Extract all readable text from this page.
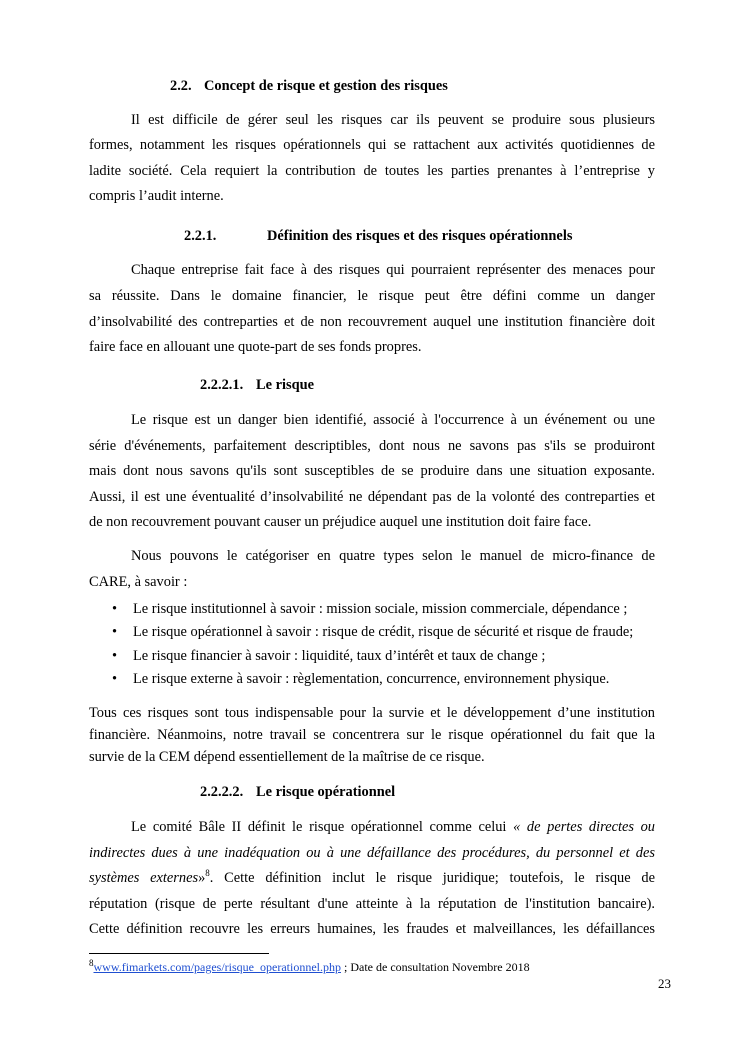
2.2. Concept de risque et gestion des risques
Il est difficile de gérer seul les risques car ils peuvent se produire sous plusieurs
formes, notamment les risques opérationnels qui se rattachent aux activités quotidiennes de
ladite société. Cela requiert la contribution de toutes les parties prenantes à l’entreprise y
compris l’audit interne.
2.2.1.	Définition des risques et des risques opérationnels
Chaque entreprise fait face à des risques qui pourraient représenter des menaces pour
sa réussite. Dans le domaine financier, le risque peut être défini comme un danger
d’insolvabilité des contreparties et de non recouvrement auquel une institution financière doit
faire face en allouant une quote-part de ses fonds propres.
2.2.2.1. Le risque
Le risque est un danger bien identifié, associé à l'occurrence à un événement ou une
série d'événements, parfaitement descriptibles, dont nous ne savons pas s'ils se produiront
mais dont nous savons qu'ils sont susceptibles de se produire dans une situation exposante.
Aussi, il est une éventualité d’insolvabilité ne dépendant pas de la volonté des contreparties et
de non recouvrement pouvant causer un préjudice auquel une institution doit faire face.
Nous pouvons le catégoriser en quatre types selon le manuel de micro-finance de
CARE, à savoir :
• Le risque institutionnel à savoir : mission sociale, mission commerciale, dépendance ;
• Le risque opérationnel à savoir : risque de crédit, risque de sécurité et risque de fraude;
• Le risque financier à savoir : liquidité, taux d’intérêt et taux de change ;
• Le risque externe à savoir : règlementation, concurrence, environnement physique.
Tous ces risques sont tous indispensable pour la survie et le développement d’une institution
financière. Néanmoins, notre travail se concentrera sur le risque opérationnel du fait que la
survie de la CEM dépend essentiellement de la maîtrise de ce risque.
2.2.2.2. Le risque opérationnel
Le comité Bâle II définit le risque opérationnel comme celui « de pertes directes ou
indirectes dues à une inadéquation ou à une défaillance des procédures, du personnel et des
systèmes externes»$^8$. Cette définition inclut le risque juridique; toutefois, le risque de
réputation (risque de perte résultant d'une atteinte à la réputation de l'institution bancaire).
Cette définition recouvre les erreurs humaines, les fraudes et malveillances, les défaillances
$^8$www.fimarkets.com/pages/risque_operationnel.php ; Date de consultation Novembre 2018
23
